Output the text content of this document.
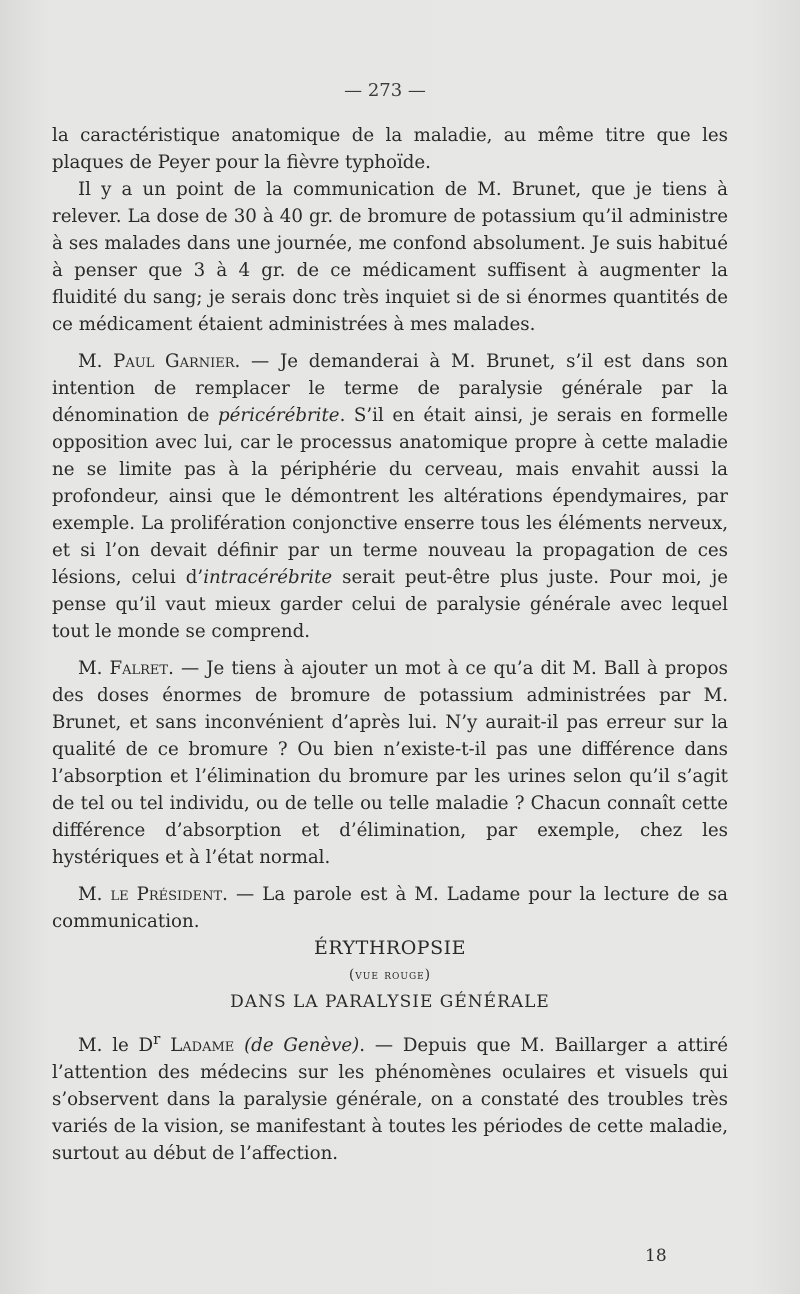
— 273 —

la caractéristique anatomique de la maladie, au même titre que les plaques de Peyer pour la fièvre typhoïde.

Il y a un point de la communication de M. Brunet, que je tiens à relever. La dose de 30 à 40 gr. de bromure de potassium qu’il administre à ses malades dans une journée, me confond absolument. Je suis habitué à penser que 3 à 4 gr. de ce médicament suffisent à augmenter la fluidité du sang; je serais donc très inquiet si de si énormes quantités de ce médicament étaient administrées à mes malades.

M. Paul Garnier. — Je demanderai à M. Brunet, s’il est dans son intention de remplacer le terme de paralysie générale par la dénomination de péricérébrite. S’il en était ainsi, je serais en formelle opposition avec lui, car le processus anatomique propre à cette maladie ne se limite pas à la périphérie du cerveau, mais envahit aussi la profondeur, ainsi que le démontrent les altérations épendymaires, par exemple. La prolifération conjonctive enserre tous les éléments nerveux, et si l’on devait définir par un terme nouveau la propagation de ces lésions, celui d’intracérébrite serait peut-être plus juste. Pour moi, je pense qu’il vaut mieux garder celui de paralysie générale avec lequel tout le monde se comprend.

M. Falret. — Je tiens à ajouter un mot à ce qu’a dit M. Ball à propos des doses énormes de bromure de potassium administrées par M. Brunet, et sans inconvénient d’après lui. N’y aurait-il pas erreur sur la qualité de ce bromure ? Ou bien n’existe-t-il pas une différence dans l’absorption et l’élimination du bromure par les urines selon qu’il s’agit de tel ou tel individu, ou de telle ou telle maladie ? Chacun connaît cette différence d’absorption et d’élimination, par exemple, chez les hystériques et à l’état normal.

M. le Président. — La parole est à M. Ladame pour la lecture de sa communication.

ÉRYTHROPSIE

(vue rouge)

DANS LA PARALYSIE GÉNÉRALE

M. le $D^r$ Ladame (de Genève). — Depuis que M. Baillarger a attiré l’attention des médecins sur les phénomènes oculaires et visuels qui s’observent dans la paralysie générale, on a constaté des troubles très variés de la vision, se manifestant à toutes les périodes de cette maladie, surtout au début de l’affection.

18
